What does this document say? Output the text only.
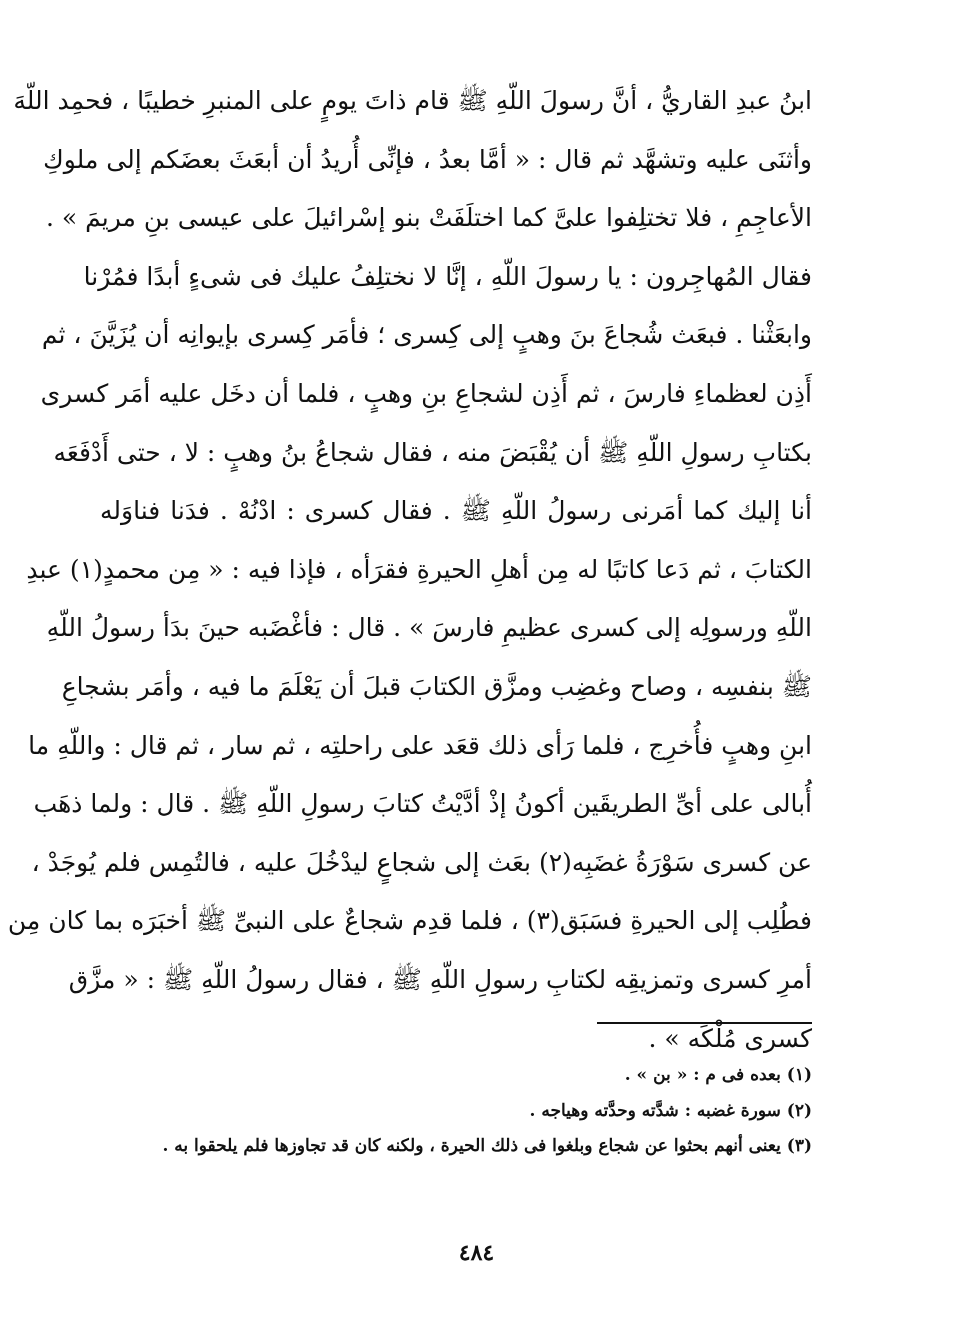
ابنُ عبدِ القاريُّ ، أنَّ رسولَ اللّهِ ﷺ قام ذاتَ يومٍ على المنبرِ خطيبًا ، فحمِد اللّهَ
وأثنَى عليه وتشهَّد ثم قال : « أمَّا بعدُ ، فإنِّى أُريدُ أن أبعَثَ بعضَكم إلى ملوكِ
الأعاجِمِ ، فلا تختلِفوا علىَّ كما اختلَفَتْ بنو إسْرائيلَ على عيسى بنِ مريمَ » .
فقال المُهاجِرون : يا رسولَ اللّهِ ، إنَّا لا نختلِفُ عليك فى شىءٍ أبدًا فمُرْنا
وابعَثْنا . فبعَث شُجاعَ بنَ وهبٍ إلى كِسرى ؛ فأمَر كِسرى بإيوانِه أن يُزَيَّنَ ، ثم
أَذِن لعظماءِ فارسَ ، ثم أَذِن لشجاعِ بنِ وهبٍ ، فلما أن دخَل عليه أمَر كسرى
بكتابِ رسولِ اللّهِ ﷺ أن يُقْبَضَ منه ، فقال شجاعُ بنُ وهبٍ : لا ، حتى أَدْفَعَه
أنا إليك كما أمَرنى رسولُ اللّهِ ﷺ . فقال كسرى : ادْنُهْ . فدَنا فناوَله
الكتابَ ، ثم دَعا كاتبًا له مِن أهلِ الحيرةِ فقرَأه ، فإذا فيه : « مِن محمدٍ(١) عبدِ
اللّهِ ورسولِه إلى كسرى عظيمِ فارسَ » . قال : فأغْضَبه حينَ بدَأ رسولُ اللّهِ
ﷺ بنفسِه ، وصاح وغضِب ومزَّق الكتابَ قبلَ أن يَعْلَمَ ما فيه ، وأمَر بشجاعِ
ابنِ وهبٍ فأُخرِج ، فلما رَأى ذلك قعَد على راحلتِه ، ثم سار ، ثم قال : واللّهِ ما
أُبالى على أىِّ الطريقَين أكونُ إذْ أدَّيْتُ كتابَ رسولِ اللّهِ ﷺ . قال : ولما ذهَب
عن كسرى سَوْرَةُ غضَبِه(٢) بعَث إلى شجاعٍ ليدْخُلَ عليه ، فالتُمِس فلم يُوجَدْ ،
فطُلِب إلى الحيرةِ فسَبَق(٣) ، فلما قدِم شجاعٌ على النبىِّ ﷺ أخبَرَه بما كان مِن
أمرِ كسرى وتمزيقِه لكتابِ رسولِ اللّهِ ﷺ ، فقال رسولُ اللّهِ ﷺ : « مزَّق
كسرى مُلْكَه » .
(١) بعده فى م : « بن » .
(٢) سورة غضبه : شدَّته وحدَّته وهياجه .
(٣) يعنى أنهم بحثوا عن شجاع وبلغوا فى ذلك الحيرة ، ولكنه كان قد تجاوزها فلم يلحقوا به .
٤٨٤
